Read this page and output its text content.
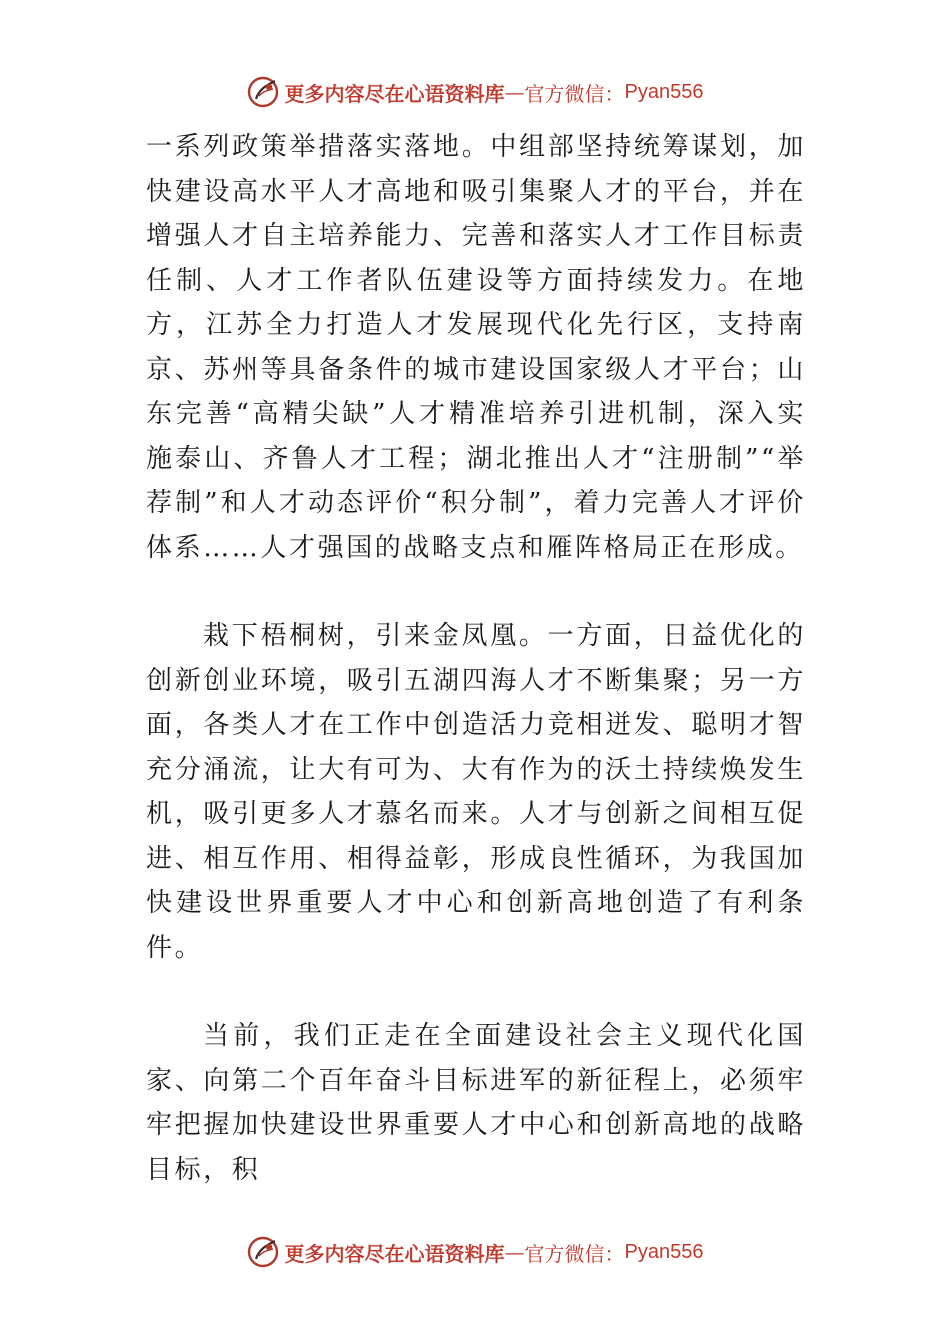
更多内容尽在心语资料库 — 官方微信： Pyan556

一系列政策举措落实落地。中组部坚持统筹谋划，加快建设高水平人才高地和吸引集聚人才的平台，并在增强人才自主培养能力、完善和落实人才工作目标责任制、人才工作者队伍建设等方面持续发力。在地方，江苏全力打造人才发展现代化先行区，支持南京、苏州等具备条件的城市建设国家级人才平台；山东完善“高精尖缺”人才精准培养引进机制，深入实施泰山、齐鲁人才工程；湖北推出人才“注册制”“举荐制”和人才动态评价“积分制”，着力完善人才评价体系……人才强国的战略支点和雁阵格局正在形成。

栽下梧桐树，引来金凤凰。一方面，日益优化的创新创业环境，吸引五湖四海人才不断集聚；另一方面，各类人才在工作中创造活力竞相迸发、聪明才智充分涌流，让大有可为、大有作为的沃土持续焕发生机，吸引更多人才慕名而来。人才与创新之间相互促进、相互作用、相得益彰，形成良性循环，为我国加快建设世界重要人才中心和创新高地创造了有利条件。

当前，我们正走在全面建设社会主义现代化国家、向第二个百年奋斗目标进军的新征程上，必须牢牢把握加快建设世界重要人才中心和创新高地的战略目标，积

更多内容尽在心语资料库 — 官方微信： Pyan556
